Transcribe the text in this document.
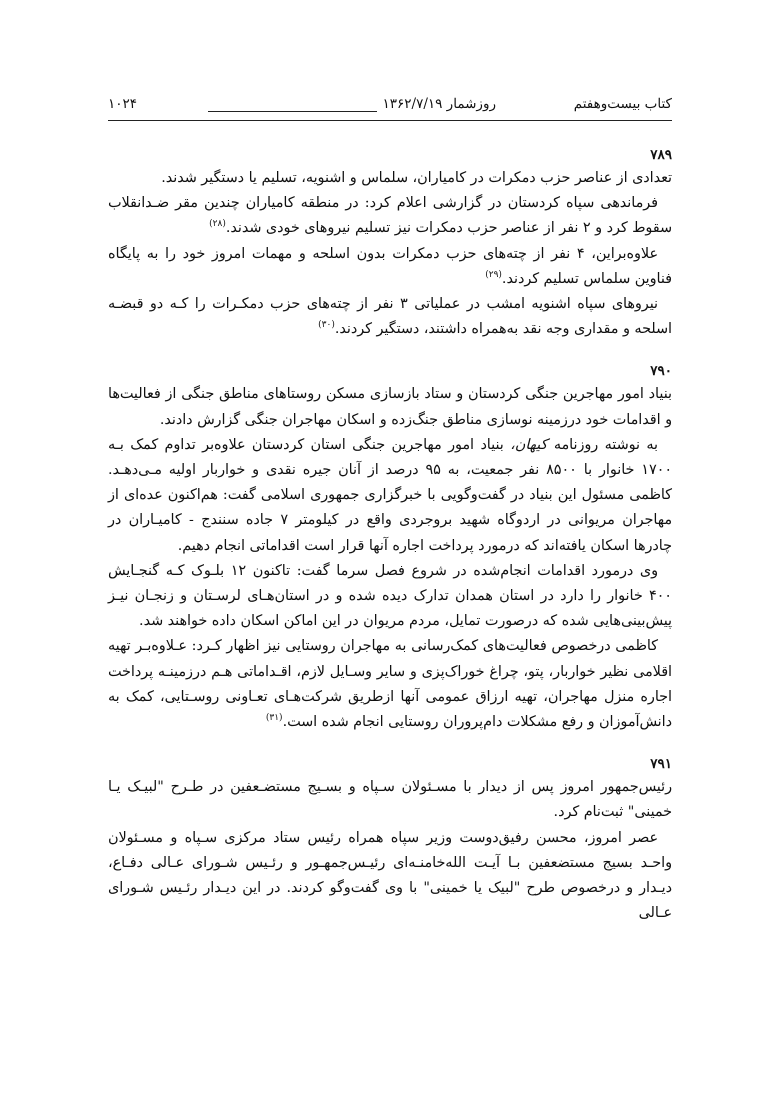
کتاب بیست‌وهفتم
روزشمار ۱۳۶۲/۷/۱۹
۱۰۲۴
۷۸۹

تعدادی از عناصر حزب دمکرات در کامیاران، سلماس و اشنویه، تسلیم یا دستگیر شدند.

فرماندهی سپاه کردستان در گزارشی اعلام کرد: در منطقه کامیاران چندین مقر ضـدانقلاب سقوط کرد و ۲ نفر از عناصر حزب دمکرات نیز تسلیم نیروهای خودی شدند.$^{(۲۸)}$

علاوه‌براین، ۴ نفر از چته‌های حزب دمکرات بدون اسلحه و مهمات امروز خود را به پایگاه فناوین سلماس تسلیم کردند.$^{(۲۹)}$

نیروهای سپاه اشنویه امشب در عملیاتی ۳ نفر از چته‌های حزب دمکـرات را کـه دو قبضـه اسلحه و مقداری وجه نقد به‌همراه داشتند، دستگیر کردند.$^{(۳۰)}$

۷۹۰

بنیاد امور مهاجرین جنگی کردستان و ستاد بازسازی مسکن روستاهای مناطق جنگی از فعالیت‌ها و اقدامات خود درزمینه نوسازی مناطق جنگ‌زده و اسکان مهاجران جنگی گزارش دادند.

به نوشته روزنامه کیهان، بنیاد امور مهاجرین جنگی استان کردستان علاوه‌بر تداوم کمک بـه ۱۷۰۰ خانوار با ۸۵۰۰ نفر جمعیت، به ۹۵ درصد از آنان جیره نقدی و خواربار اولیه مـی‌دهـد. کاظمی مسئول این بنیاد در گفت‌وگویی با خبرگزاری جمهوری اسلامی گفت: هم‌اکنون عده‌ای از مهاجران مریوانی در اردوگاه شهید بروجردی واقع در کیلومتر ۷ جاده سنندج - کامیـاران در چادرها اسکان یافته‌اند که درمورد پرداخت اجاره آنها قرار است اقداماتی انجام دهیم.

وی درمورد اقدامات انجام‌شده در شروع فصل سرما گفت: تاکنون ۱۲ بلـوک کـه گنجـایش ۴۰۰ خانوار را دارد در استان همدان تدارک دیده شده و در استان‌هـای لرسـتان و زنجـان نیـز پیش‌بینی‌هایی شده که درصورت تمایل، مردم مریوان در این اماکن اسکان داده خواهند شد.

کاظمی درخصوص فعالیت‌های کمک‌رسانی به مهاجران روستایی نیز اظهار کـرد: عـلاوه‌بـر تهیه اقلامی نظیر خواربار، پتو، چراغ خوراک‌پزی و سایر وسـایل لازم، اقـداماتی هـم درزمینـه پرداخت اجاره منزل مهاجران، تهیه ارزاق عمومی آنها ازطریق شرکت‌هـای تعـاونی روسـتایی، کمک به دانش‌آموزان و رفع مشکلات دام‌پروران روستایی انجام شده است.$^{(۳۱)}$

۷۹۱

رئیس‌جمهور امروز پس از دیدار با مسـئولان سـپاه و بسـیج مستضـعفین در طـرح "لبیـک یـا خمینی" ثبت‌نام کرد.

عصر امروز، محسن رفیق‌دوست وزیر سپاه همراه رئیس ستاد مرکزی سـپاه و مسـئولان واحـد بسیج مستضعفین بـا آیـت الله‌خامنـه‌ای رئیـس‌جمهـور و رئـیس شـورای عـالی دفـاع، دیـدار و درخصوص طرح "لبیک یا خمینی" با وی گفت‌وگو کردند. در این دیـدار رئـیس شـورای عـالی
